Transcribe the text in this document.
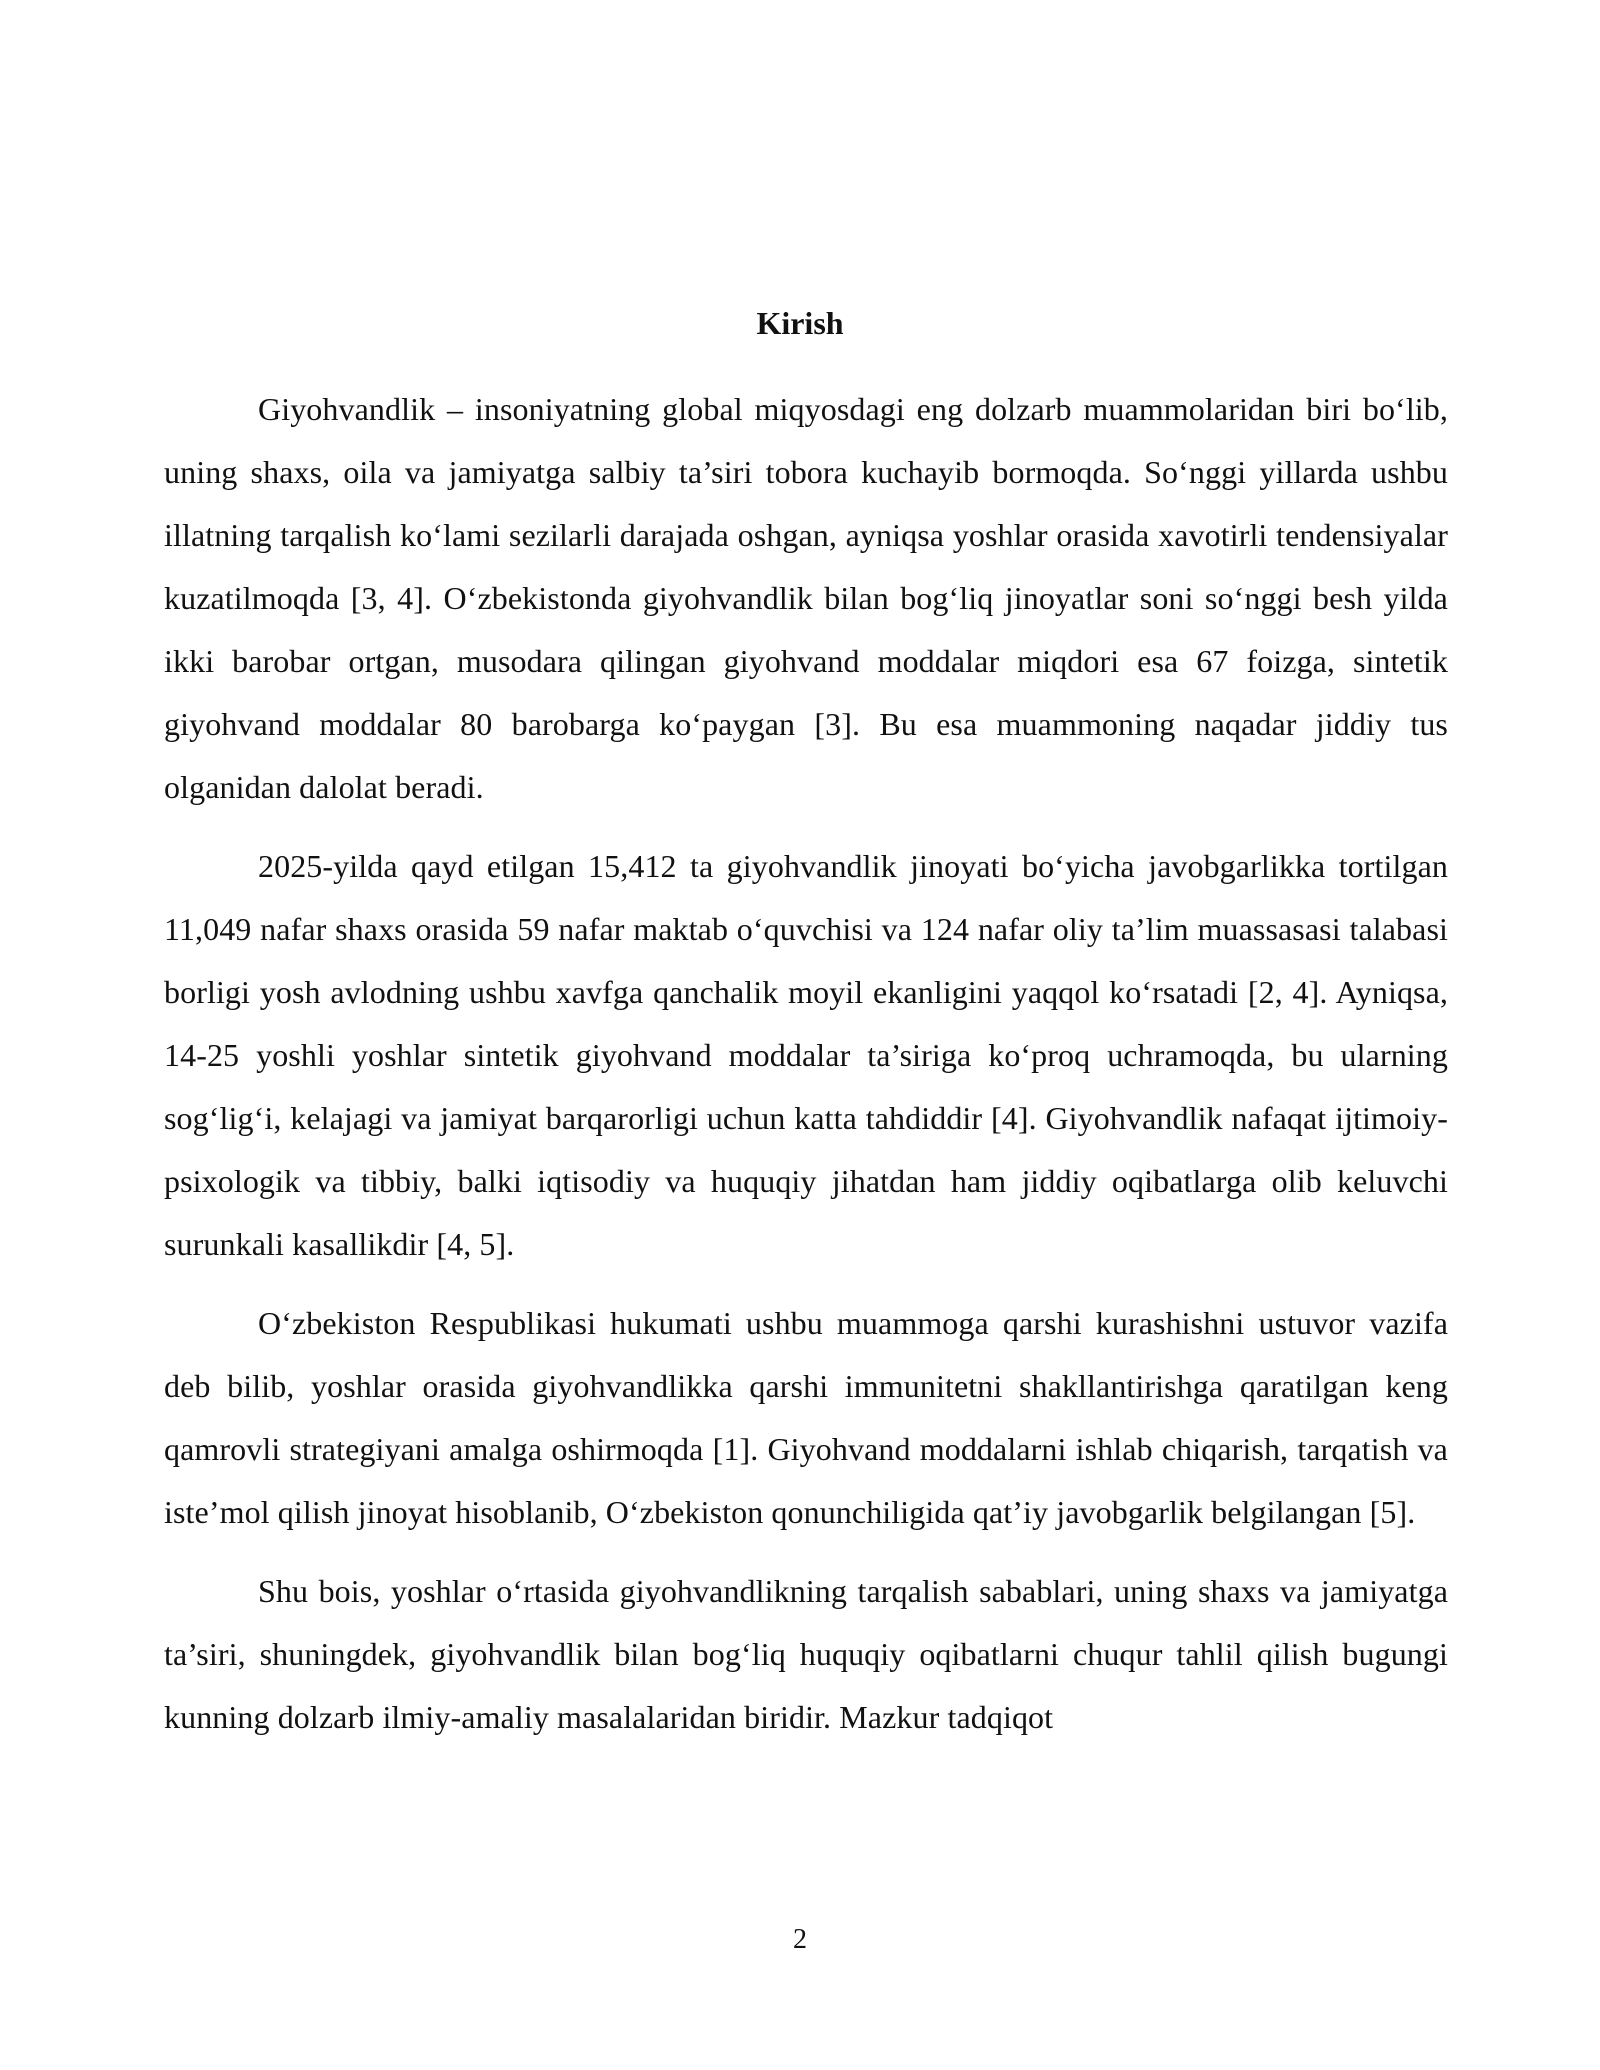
Kirish

Giyohvandlik – insoniyatning global miqyosdagi eng dolzarb muammolaridan biri bo‘lib, uning shaxs, oila va jamiyatga salbiy ta’siri tobora kuchayib bormoqda. So‘nggi yillarda ushbu illatning tarqalish ko‘lami sezilarli darajada oshgan, ayniqsa yoshlar orasida xavotirli tendensiyalar kuzatilmoqda [3, 4]. O‘zbekistonda giyohvandlik bilan bog‘liq jinoyatlar soni so‘nggi besh yilda ikki barobar ortgan, musodara qilingan giyohvand moddalar miqdori esa 67 foizga, sintetik giyohvand moddalar 80 barobarga ko‘paygan [3]. Bu esa muammoning naqadar jiddiy tus olganidan dalolat beradi.

2025-yilda qayd etilgan 15,412 ta giyohvandlik jinoyati bo‘yicha javobgarlikka tortilgan 11,049 nafar shaxs orasida 59 nafar maktab o‘quvchisi va 124 nafar oliy ta’lim muassasasi talabasi borligi yosh avlodning ushbu xavfga qanchalik moyil ekanligini yaqqol ko‘rsatadi [2, 4]. Ayniqsa, 14-25 yoshli yoshlar sintetik giyohvand moddalar ta’siriga ko‘proq uchramoqda, bu ularning sog‘lig‘i, kelajagi va jamiyat barqarorligi uchun katta tahdiddir [4]. Giyohvandlik nafaqat ijtimoiy-psixologik va tibbiy, balki iqtisodiy va huquqiy jihatdan ham jiddiy oqibatlarga olib keluvchi surunkali kasallikdir [4, 5].

O‘zbekiston Respublikasi hukumati ushbu muammoga qarshi kurashishni ustuvor vazifa deb bilib, yoshlar orasida giyohvandlikka qarshi immunitetni shakllantirishga qaratilgan keng qamrovli strategiyani amalga oshirmoqda [1]. Giyohvand moddalarni ishlab chiqarish, tarqatish va iste’mol qilish jinoyat hisoblanib, O‘zbekiston qonunchiligida qat’iy javobgarlik belgilangan [5].

Shu bois, yoshlar o‘rtasida giyohvandlikning tarqalish sabablari, uning shaxs va jamiyatga ta’siri, shuningdek, giyohvandlik bilan bog‘liq huquqiy oqibatlarni chuqur tahlil qilish bugungi kunning dolzarb ilmiy-amaliy masalalaridan biridir. Mazkur tadqiqot

2
